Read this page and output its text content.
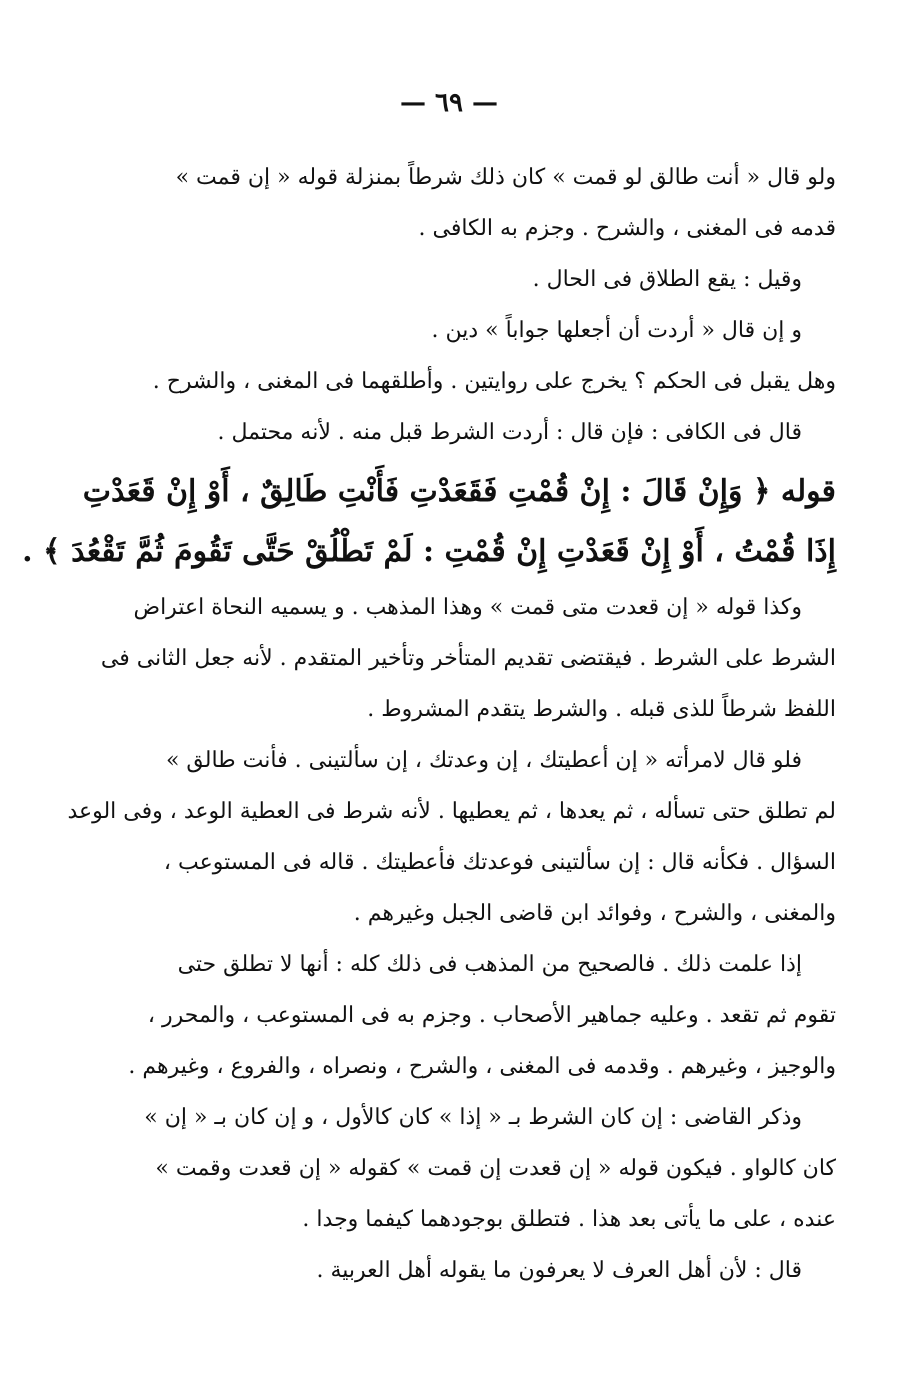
— ٦٩ —
ولو قال « أنت طالق لو قمت » كان ذلك شرطاً بمنزلة قوله « إن قمت »
قدمه فى المغنى ، والشرح . وجزم به الكافى .
وقيل : يقع الطلاق فى الحال .
و إن قال « أردت أن أجعلها جواباً » دين .
وهل يقبل فى الحكم ؟ يخرج على روايتين . وأطلقهما فى المغنى ، والشرح .
قال فى الكافى : فإن قال : أردت الشرط قبل منه . لأنه محتمل .
قوله ﴿ وَإِنْ قَالَ : إِنْ قُمْتِ فَقَعَدْتِ فَأَنْتِ طَالِقٌ ، أَوْ إِنْ قَعَدْتِ
إِذَا قُمْتُ ، أَوْ إِنْ قَعَدْتِ إِنْ قُمْتِ : لَمْ تَطْلُقْ حَتَّى تَقُومَ ثُمَّ تَقْعُدَ ﴾ .
وكذا قوله « إن قعدت متى قمت » وهذا المذهب . و يسميه النحاة اعتراض
الشرط على الشرط . فيقتضى تقديم المتأخر وتأخير المتقدم . لأنه جعل الثانى فى
اللفظ شرطاً للذى قبله . والشرط يتقدم المشروط .
فلو قال لامرأته « إن أعطيتك ، إن وعدتك ، إن سألتينى . فأنت طالق »
لم تطلق حتى تسأله ، ثم يعدها ، ثم يعطيها . لأنه شرط فى العطية الوعد ، وفى الوعد
السؤال . فكأنه قال : إن سألتينى فوعدتك فأعطيتك . قاله فى المستوعب ،
والمغنى ، والشرح ، وفوائد ابن قاضى الجبل وغيرهم .
إذا علمت ذلك . فالصحيح من المذهب فى ذلك كله : أنها لا تطلق حتى
تقوم ثم تقعد . وعليه جماهير الأصحاب . وجزم به فى المستوعب ، والمحرر ،
والوجيز ، وغيرهم . وقدمه فى المغنى ، والشرح ، ونصراه ، والفروع ، وغيرهم .
وذكر القاضى : إن كان الشرط بـ « إذا » كان كالأول ، و إن كان بـ « إن »
كان كالواو . فيكون قوله « إن قعدت إن قمت » كقوله « إن قعدت وقمت »
عنده ، على ما يأتى بعد هذا . فتطلق بوجودهما كيفما وجدا .
قال : لأن أهل العرف لا يعرفون ما يقوله أهل العربية .
